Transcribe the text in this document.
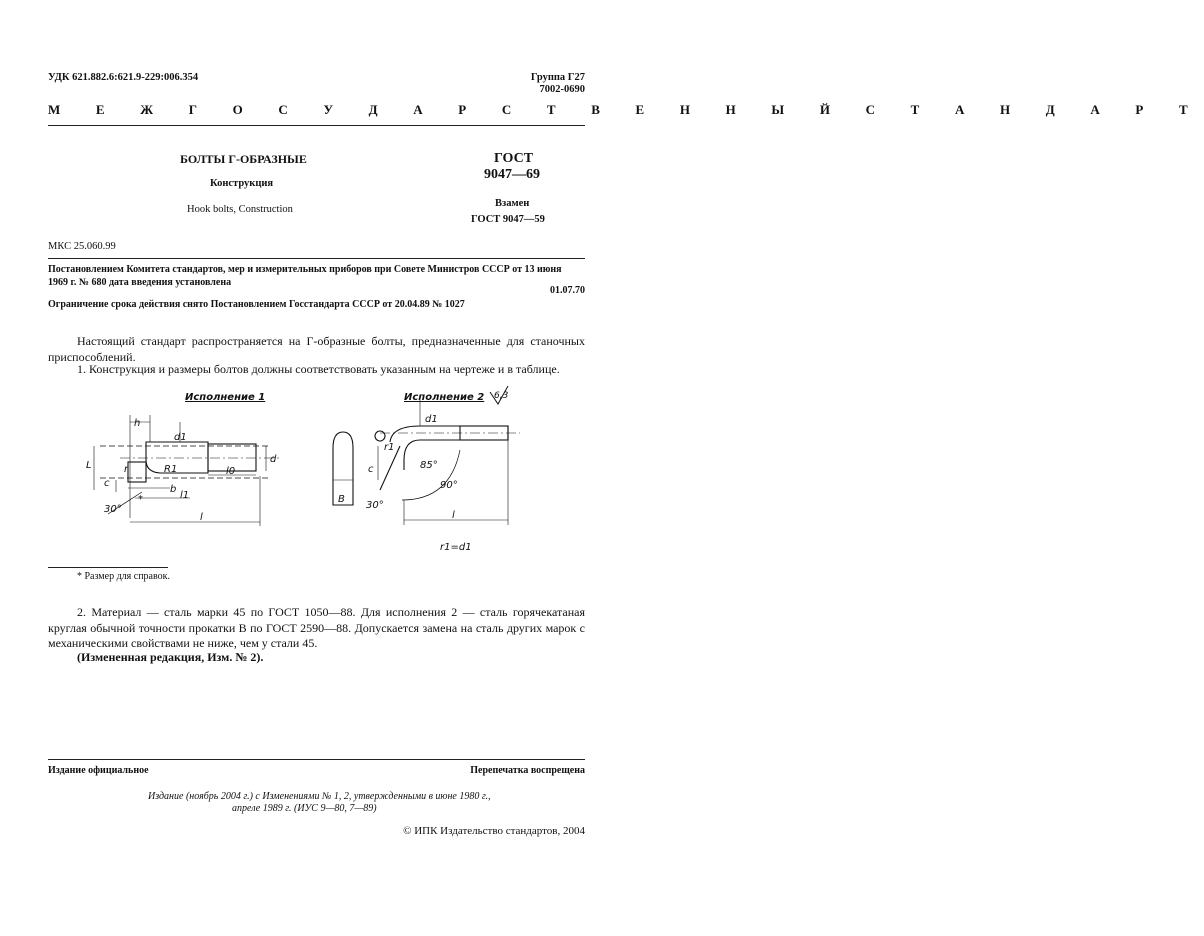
УДК 621.882.6:621.9-229:006.354	Группа Г27
7002-0690
М Е Ж Г О С У Д А Р С Т В Е Н Н Ы Й С Т А Н Д А Р Т
БОЛТЫ Г-ОБРАЗНЫЕ
Конструкция
Hook bolts, Construction
ГОСТ
9047—69
Взамен
ГОСТ 9047—59
МКС 25.060.99
Постановлением Комитета стандартов, мер и измерительных приборов при Совете Министров СССР от 13 июня
1969 г. № 680 дата введения установлена
01.07.70
Ограничение срока действия снято Постановлением Госстандарта СССР от 20.04.89 № 1027
Настоящий стандарт распространяется на Г-образные болты, предназначенные для станочных приспособлений.
1. Конструкция и размеры болтов должны соответствовать указанным на чертеже и в таблице.
Исполнение 1	Исполнение 2 6,3
h
d1
d
L
c
r	R1	l0
l1
b
l
30°
*
r1
85°
90°
d1
c
B
30°
l
r1=d1
* Размер для справок.
2. Материал — сталь марки 45 по ГОСТ 1050—88. Для исполнения 2 — сталь горячекатаная круглая обычной точности прокатки В по ГОСТ 2590—88. Допускается замена на сталь других марок с механическими свойствами не ниже, чем у стали 45.
(Измененная редакция, Изм. № 2).
Издание официальное	Перепечатка воспрещена
Издание (ноябрь 2004 г.) с Изменениями № 1, 2, утвержденными в июне 1980 г.,
апреле 1989 г. (ИУС 9—80, 7—89)
© ИПК Издательство стандартов, 2004
